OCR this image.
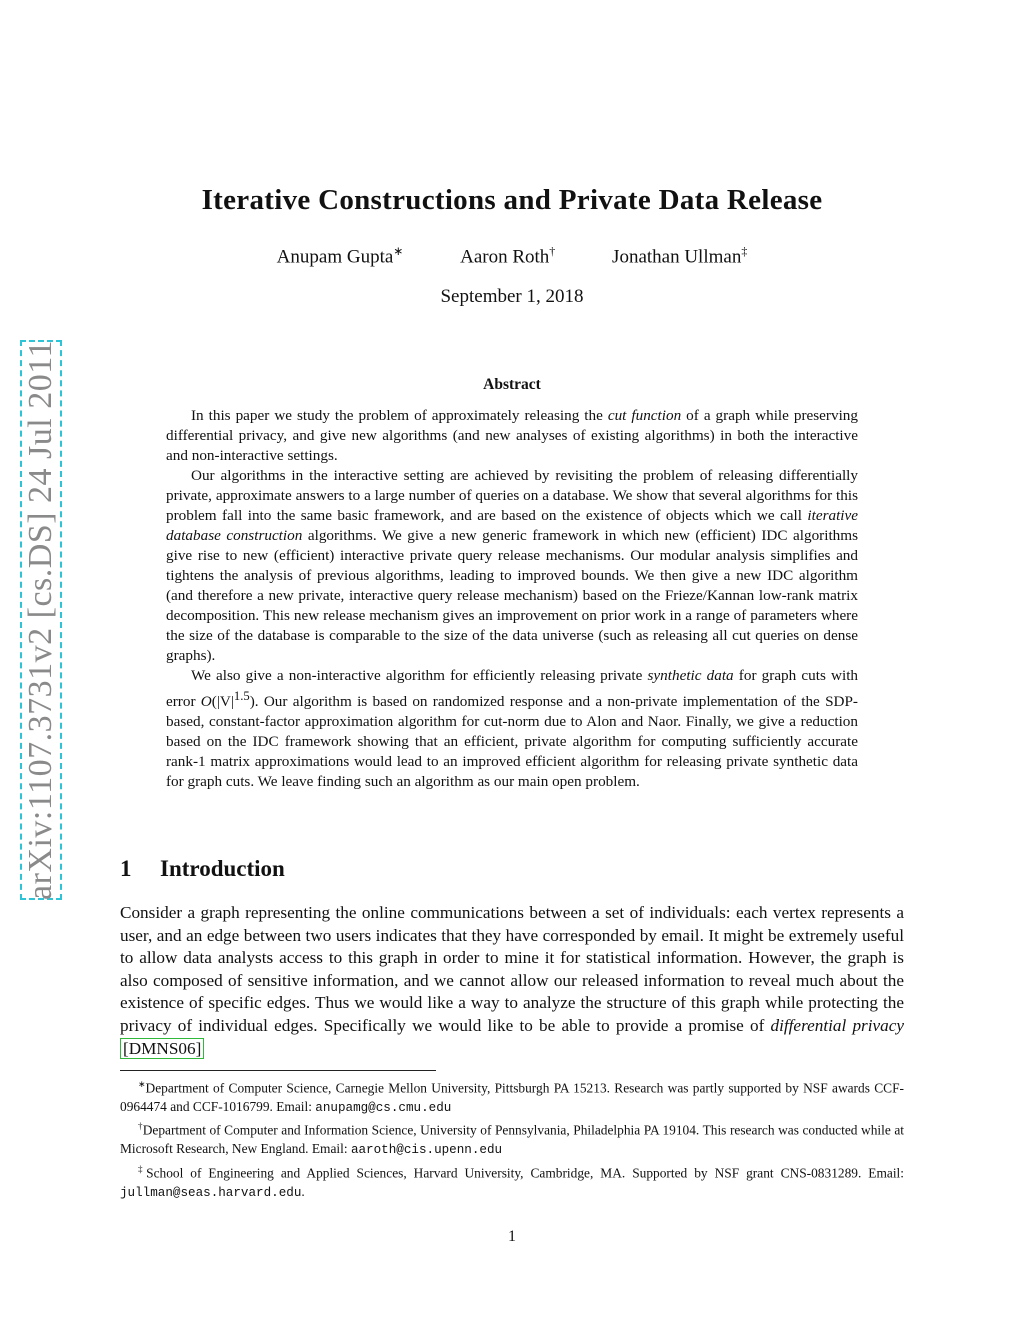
arXiv:1107.3731v2 [cs.DS] 24 Jul 2011
Iterative Constructions and Private Data Release
Anupam Gupta∗	Aaron Roth†	Jonathan Ullman‡
September 1, 2018
Abstract

In this paper we study the problem of approximately releasing the cut function of a graph while preserving differential privacy, and give new algorithms (and new analyses of existing algorithms) in both the interactive and non-interactive settings.

Our algorithms in the interactive setting are achieved by revisiting the problem of releasing differentially private, approximate answers to a large number of queries on a database. We show that several algorithms for this problem fall into the same basic framework, and are based on the existence of objects which we call iterative database construction algorithms. We give a new generic framework in which new (efficient) IDC algorithms give rise to new (efficient) interactive private query release mechanisms. Our modular analysis simplifies and tightens the analysis of previous algorithms, leading to improved bounds. We then give a new IDC algorithm (and therefore a new private, interactive query release mechanism) based on the Frieze/Kannan low-rank matrix decomposition. This new release mechanism gives an improvement on prior work in a range of parameters where the size of the database is comparable to the size of the data universe (such as releasing all cut queries on dense graphs).

We also give a non-interactive algorithm for efficiently releasing private synthetic data for graph cuts with error $O(|V|^{1.5})$. Our algorithm is based on randomized response and a non-private implementation of the SDP-based, constant-factor approximation algorithm for cut-norm due to Alon and Naor. Finally, we give a reduction based on the IDC framework showing that an efficient, private algorithm for computing sufficiently accurate rank-1 matrix approximations would lead to an improved efficient algorithm for releasing private synthetic data for graph cuts. We leave finding such an algorithm as our main open problem.

1 Introduction

Consider a graph representing the online communications between a set of individuals: each vertex represents a user, and an edge between two users indicates that they have corresponded by email. It might be extremely useful to allow data analysts access to this graph in order to mine it for statistical information. However, the graph is also composed of sensitive information, and we cannot allow our released information to reveal much about the existence of specific edges. Thus we would like a way to analyze the structure of this graph while protecting the privacy of individual edges. Specifically we would like to be able to provide a promise of differential privacy [DMNS06]

∗Department of Computer Science, Carnegie Mellon University, Pittsburgh PA 15213. Research was partly supported by NSF awards CCF-0964474 and CCF-1016799. Email: anupamg@cs.cmu.edu

†Department of Computer and Information Science, University of Pennsylvania, Philadelphia PA 19104. This research was conducted while at Microsoft Research, New England. Email: aaroth@cis.upenn.edu

‡School of Engineering and Applied Sciences, Harvard University, Cambridge, MA. Supported by NSF grant CNS-0831289. Email: jullman@seas.harvard.edu.

1
